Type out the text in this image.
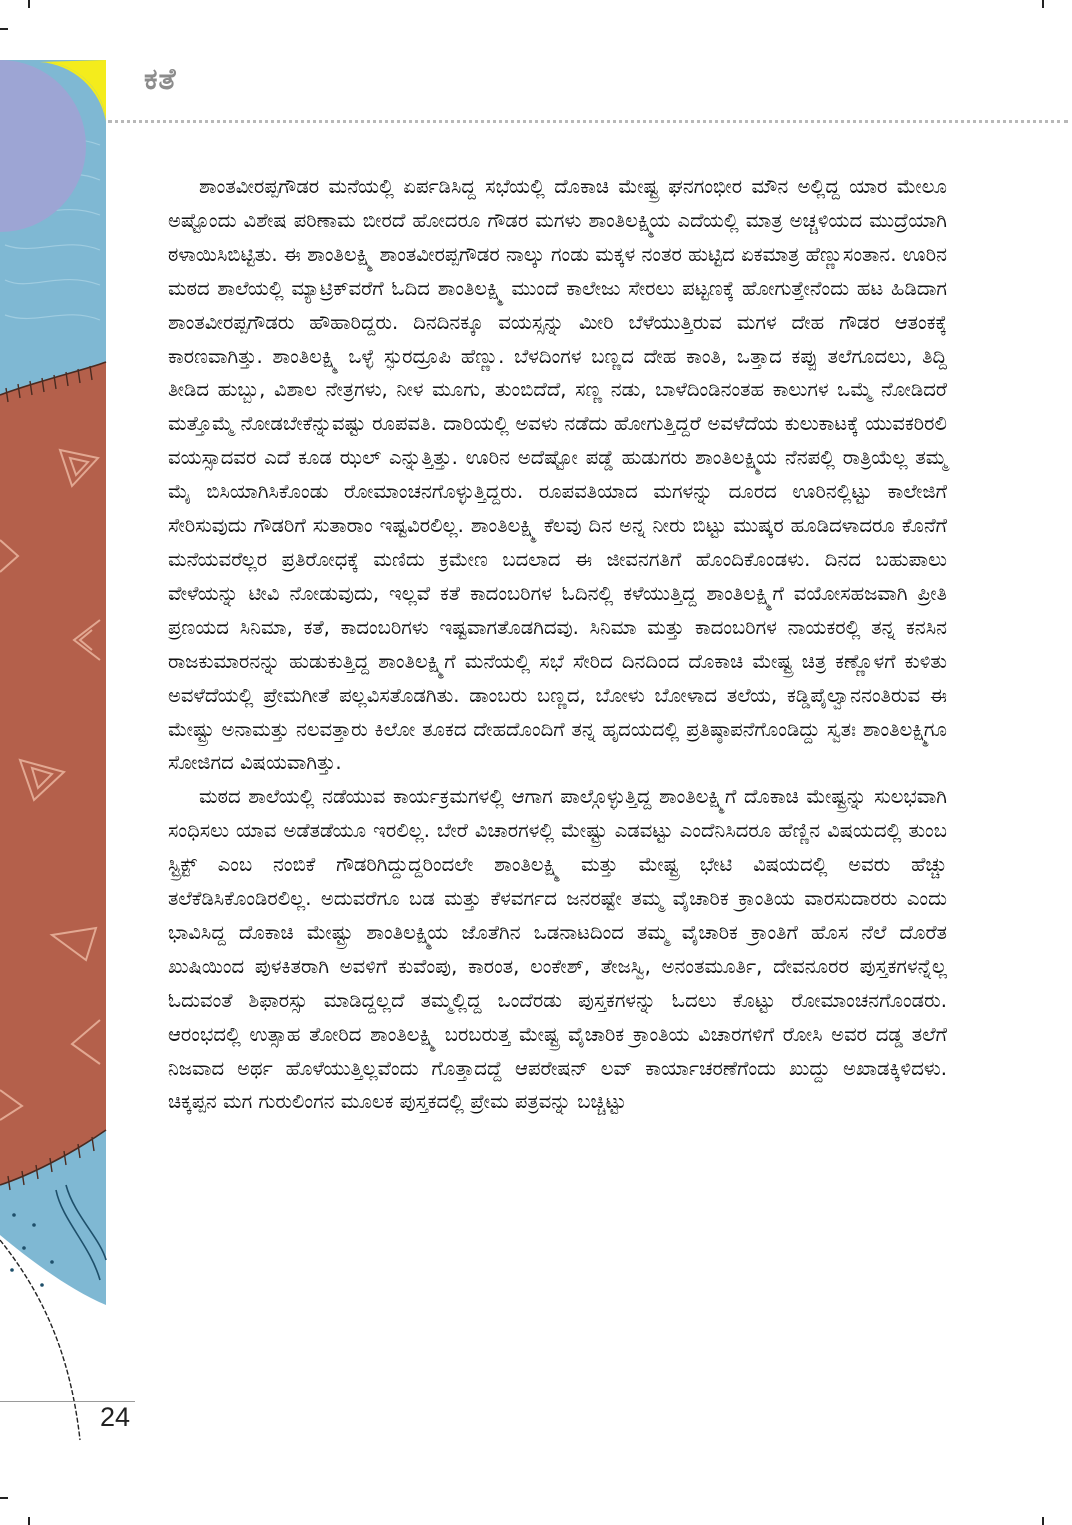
ಕತೆ

ಶಾಂತವೀರಪ್ಪಗೌಡರ ಮನೆಯಲ್ಲಿ ಏರ್ಪಡಿಸಿದ್ದ ಸಭೆಯಲ್ಲಿ ದೊಕಾಚಿ ಮೇಷ್ಟ್ರ ಘನಗಂಭೀರ ಮೌನ ಅಲ್ಲಿದ್ದ ಯಾರ ಮೇಲೂ ಅಷ್ಟೊಂದು ವಿಶೇಷ ಪರಿಣಾಮ ಬೀರದೆ ಹೋದರೂ ಗೌಡರ ಮಗಳು ಶಾಂತಿಲಕ್ಷ್ಮಿಯ ಎದೆಯಲ್ಲಿ ಮಾತ್ರ ಅಚ್ಚಳಿಯದ ಮುದ್ರೆಯಾಗಿ ಠಳಾಯಿಸಿಬಿಟ್ಟಿತು. ಈ ಶಾಂತಿಲಕ್ಷ್ಮಿ ಶಾಂತವೀರಪ್ಪಗೌಡರ ನಾಲ್ಕು ಗಂಡು ಮಕ್ಕಳ ನಂತರ ಹುಟ್ಟಿದ ಏಕಮಾತ್ರ ಹೆಣ್ಣುಸಂತಾನ. ಊರಿನ ಮಠದ ಶಾಲೆಯಲ್ಲಿ ಮ್ಯಾಟ್ರಿಕ್‌ವರೆಗೆ ಓದಿದ ಶಾಂತಿಲಕ್ಷ್ಮಿ ಮುಂದೆ ಕಾಲೇಜು ಸೇರಲು ಪಟ್ಟಣಕ್ಕೆ ಹೋಗುತ್ತೇನೆಂದು ಹಟ ಹಿಡಿದಾಗ ಶಾಂತವೀರಪ್ಪಗೌಡರು ಹೌಹಾರಿದ್ದರು. ದಿನದಿನಕ್ಕೂ ವಯಸ್ಸನ್ನು ಮೀರಿ ಬೆಳೆಯುತ್ತಿರುವ ಮಗಳ ದೇಹ ಗೌಡರ ಆತಂಕಕ್ಕೆ ಕಾರಣವಾಗಿತ್ತು. ಶಾಂತಿಲಕ್ಷ್ಮಿ ಒಳ್ಳೆ ಸ್ಫುರದ್ರೂಪಿ ಹೆಣ್ಣು. ಬೆಳದಿಂಗಳ ಬಣ್ಣದ ದೇಹ ಕಾಂತಿ, ಒತ್ತಾದ ಕಪ್ಪು ತಲೆಗೂದಲು, ತಿದ್ದಿ ತೀಡಿದ ಹುಬ್ಬು, ವಿಶಾಲ ನೇತ್ರಗಳು, ನೀಳ ಮೂಗು, ತುಂಬಿದೆದೆ, ಸಣ್ಣ ನಡು, ಬಾಳೆದಿಂಡಿನಂತಹ ಕಾಲುಗಳ ಒಮ್ಮೆ ನೋಡಿದರೆ ಮತ್ತೊಮ್ಮೆ ನೋಡಬೇಕೆನ್ನುವಷ್ಟು ರೂಪವತಿ. ದಾರಿಯಲ್ಲಿ ಅವಳು ನಡೆದು ಹೋಗುತ್ತಿದ್ದರೆ ಅವಳೆದೆಯ ಕುಲುಕಾಟಕ್ಕೆ ಯುವಕರಿರಲಿ ವಯಸ್ಸಾದವರ ಎದೆ ಕೂಡ ಝಲ್ ಎನ್ನುತ್ತಿತ್ತು. ಊರಿನ ಅದೆಷ್ಟೋ ಪಡ್ಡೆ ಹುಡುಗರು ಶಾಂತಿಲಕ್ಷ್ಮಿಯ ನೆನಪಲ್ಲಿ ರಾತ್ರಿಯೆಲ್ಲ ತಮ್ಮ ಮೈ ಬಿಸಿಯಾಗಿಸಿಕೊಂಡು ರೋಮಾಂಚನಗೊಳ್ಳುತ್ತಿದ್ದರು. ರೂಪವತಿಯಾದ ಮಗಳನ್ನು ದೂರದ ಊರಿನಲ್ಲಿಟ್ಟು ಕಾಲೇಜಿಗೆ ಸೇರಿಸುವುದು ಗೌಡರಿಗೆ ಸುತಾರಾಂ ಇಷ್ಟವಿರಲಿಲ್ಲ. ಶಾಂತಿಲಕ್ಷ್ಮಿ ಕೆಲವು ದಿನ ಅನ್ನ ನೀರು ಬಿಟ್ಟು ಮುಷ್ಕರ ಹೂಡಿದಳಾದರೂ ಕೊನೆಗೆ ಮನೆಯವರೆಲ್ಲರ ಪ್ರತಿರೋಧಕ್ಕೆ ಮಣಿದು ಕ್ರಮೇಣ ಬದಲಾದ ಈ ಜೀವನಗತಿಗೆ ಹೊಂದಿಕೊಂಡಳು. ದಿನದ ಬಹುಪಾಲು ವೇಳೆಯನ್ನು ಟೀವಿ ನೋಡುವುದು, ಇಲ್ಲವೆ ಕತೆ ಕಾದಂಬರಿಗಳ ಓದಿನಲ್ಲಿ ಕಳೆಯುತ್ತಿದ್ದ ಶಾಂತಿಲಕ್ಷ್ಮಿಗೆ ವಯೋಸಹಜವಾಗಿ ಪ್ರೀತಿ ಪ್ರಣಯದ ಸಿನಿಮಾ, ಕತೆ, ಕಾದಂಬರಿಗಳು ಇಷ್ಟವಾಗತೊಡಗಿದವು. ಸಿನಿಮಾ ಮತ್ತು ಕಾದಂಬರಿಗಳ ನಾಯಕರಲ್ಲಿ ತನ್ನ ಕನಸಿನ ರಾಜಕುಮಾರನನ್ನು ಹುಡುಕುತ್ತಿದ್ದ ಶಾಂತಿಲಕ್ಷ್ಮಿಗೆ ಮನೆಯಲ್ಲಿ ಸಭೆ ಸೇರಿದ ದಿನದಿಂದ ದೊಕಾಚಿ ಮೇಷ್ಟ್ರ ಚಿತ್ರ ಕಣ್ಣೊಳಗೆ ಕುಳಿತು ಅವಳೆದೆಯಲ್ಲಿ ಪ್ರೇಮಗೀತೆ ಪಲ್ಲವಿಸತೊಡಗಿತು. ಡಾಂಬರು ಬಣ್ಣದ, ಬೋಳು ಬೋಳಾದ ತಲೆಯ, ಕಡ್ಡಿಪೈಲ್ವಾನನಂತಿರುವ ಈ ಮೇಷ್ಟ್ರು ಅನಾಮತ್ತು ನಲವತ್ತಾರು ಕಿಲೋ ತೂಕದ ದೇಹದೊಂದಿಗೆ ತನ್ನ ಹೃದಯದಲ್ಲಿ ಪ್ರತಿಷ್ಠಾಪನೆಗೊಂಡಿದ್ದು ಸ್ವತಃ ಶಾಂತಿಲಕ್ಷ್ಮಿಗೂ ಸೋಜಿಗದ ವಿಷಯವಾಗಿತ್ತು.

ಮಠದ ಶಾಲೆಯಲ್ಲಿ ನಡೆಯುವ ಕಾರ್ಯಕ್ರಮಗಳಲ್ಲಿ ಆಗಾಗ ಪಾಲ್ಗೊಳ್ಳುತ್ತಿದ್ದ ಶಾಂತಿಲಕ್ಷ್ಮಿಗೆ ದೊಕಾಚಿ ಮೇಷ್ಟ್ರನ್ನು ಸುಲಭವಾಗಿ ಸಂಧಿಸಲು ಯಾವ ಅಡೆತಡೆಯೂ ಇರಲಿಲ್ಲ. ಬೇರೆ ವಿಚಾರಗಳಲ್ಲಿ ಮೇಷ್ಟ್ರು ಎಡವಟ್ಟು ಎಂದೆನಿಸಿದರೂ ಹೆಣ್ಣಿನ ವಿಷಯದಲ್ಲಿ ತುಂಬ ಸ್ಟ್ರಿಕ್ಟ್ ಎಂಬ ನಂಬಿಕೆ ಗೌಡರಿಗಿದ್ದುದ್ದರಿಂದಲೇ ಶಾಂತಿಲಕ್ಷ್ಮಿ ಮತ್ತು ಮೇಷ್ಟ್ರ ಭೇಟಿ ವಿಷಯದಲ್ಲಿ ಅವರು ಹೆಚ್ಚು ತಲೆಕೆಡಿಸಿಕೊಂಡಿರಲಿಲ್ಲ. ಅದುವರೆಗೂ ಬಡ ಮತ್ತು ಕೆಳವರ್ಗದ ಜನರಷ್ಟೇ ತಮ್ಮ ವೈಚಾರಿಕ ಕ್ರಾಂತಿಯ ವಾರಸುದಾರರು ಎಂದು ಭಾವಿಸಿದ್ದ ದೊಕಾಚಿ ಮೇಷ್ಟ್ರು ಶಾಂತಿಲಕ್ಷ್ಮಿಯ ಜೊತೆಗಿನ ಒಡನಾಟದಿಂದ ತಮ್ಮ ವೈಚಾರಿಕ ಕ್ರಾಂತಿಗೆ ಹೊಸ ನೆಲೆ ದೊರೆತ ಖುಷಿಯಿಂದ ಪುಳಕಿತರಾಗಿ ಅವಳಿಗೆ ಕುವೆಂಪು, ಕಾರಂತ, ಲಂಕೇಶ್, ತೇಜಸ್ವಿ, ಅನಂತಮೂರ್ತಿ, ದೇವನೂರರ ಪುಸ್ತಕಗಳನ್ನೆಲ್ಲ ಓದುವಂತೆ ಶಿಫಾರಸ್ಸು ಮಾಡಿದ್ದಲ್ಲದೆ ತಮ್ಮಲ್ಲಿದ್ದ ಒಂದೆರಡು ಪುಸ್ತಕಗಳನ್ನು ಓದಲು ಕೊಟ್ಟು ರೋಮಾಂಚನಗೊಂಡರು. ಆರಂಭದಲ್ಲಿ ಉತ್ಸಾಹ ತೋರಿದ ಶಾಂತಿಲಕ್ಷ್ಮಿ ಬರಬರುತ್ತ ಮೇಷ್ಟ್ರ ವೈಚಾರಿಕ ಕ್ರಾಂತಿಯ ವಿಚಾರಗಳಿಗೆ ರೋಸಿ ಅವರ ದಡ್ಡ ತಲೆಗೆ ನಿಜವಾದ ಅರ್ಥ ಹೊಳೆಯುತ್ತಿಲ್ಲವೆಂದು ಗೊತ್ತಾದದ್ದೆ ಆಪರೇಷನ್ ಲವ್ ಕಾರ್ಯಾಚರಣೆಗೆಂದು ಖುದ್ದು ಅಖಾಡಕ್ಕಿಳಿದಳು. ಚಿಕ್ಕಪ್ಪನ ಮಗ ಗುರುಲಿಂಗನ ಮೂಲಕ ಪುಸ್ತಕದಲ್ಲಿ ಪ್ರೇಮ ಪತ್ರವನ್ನು ಬಚ್ಚಿಟ್ಟು

24
